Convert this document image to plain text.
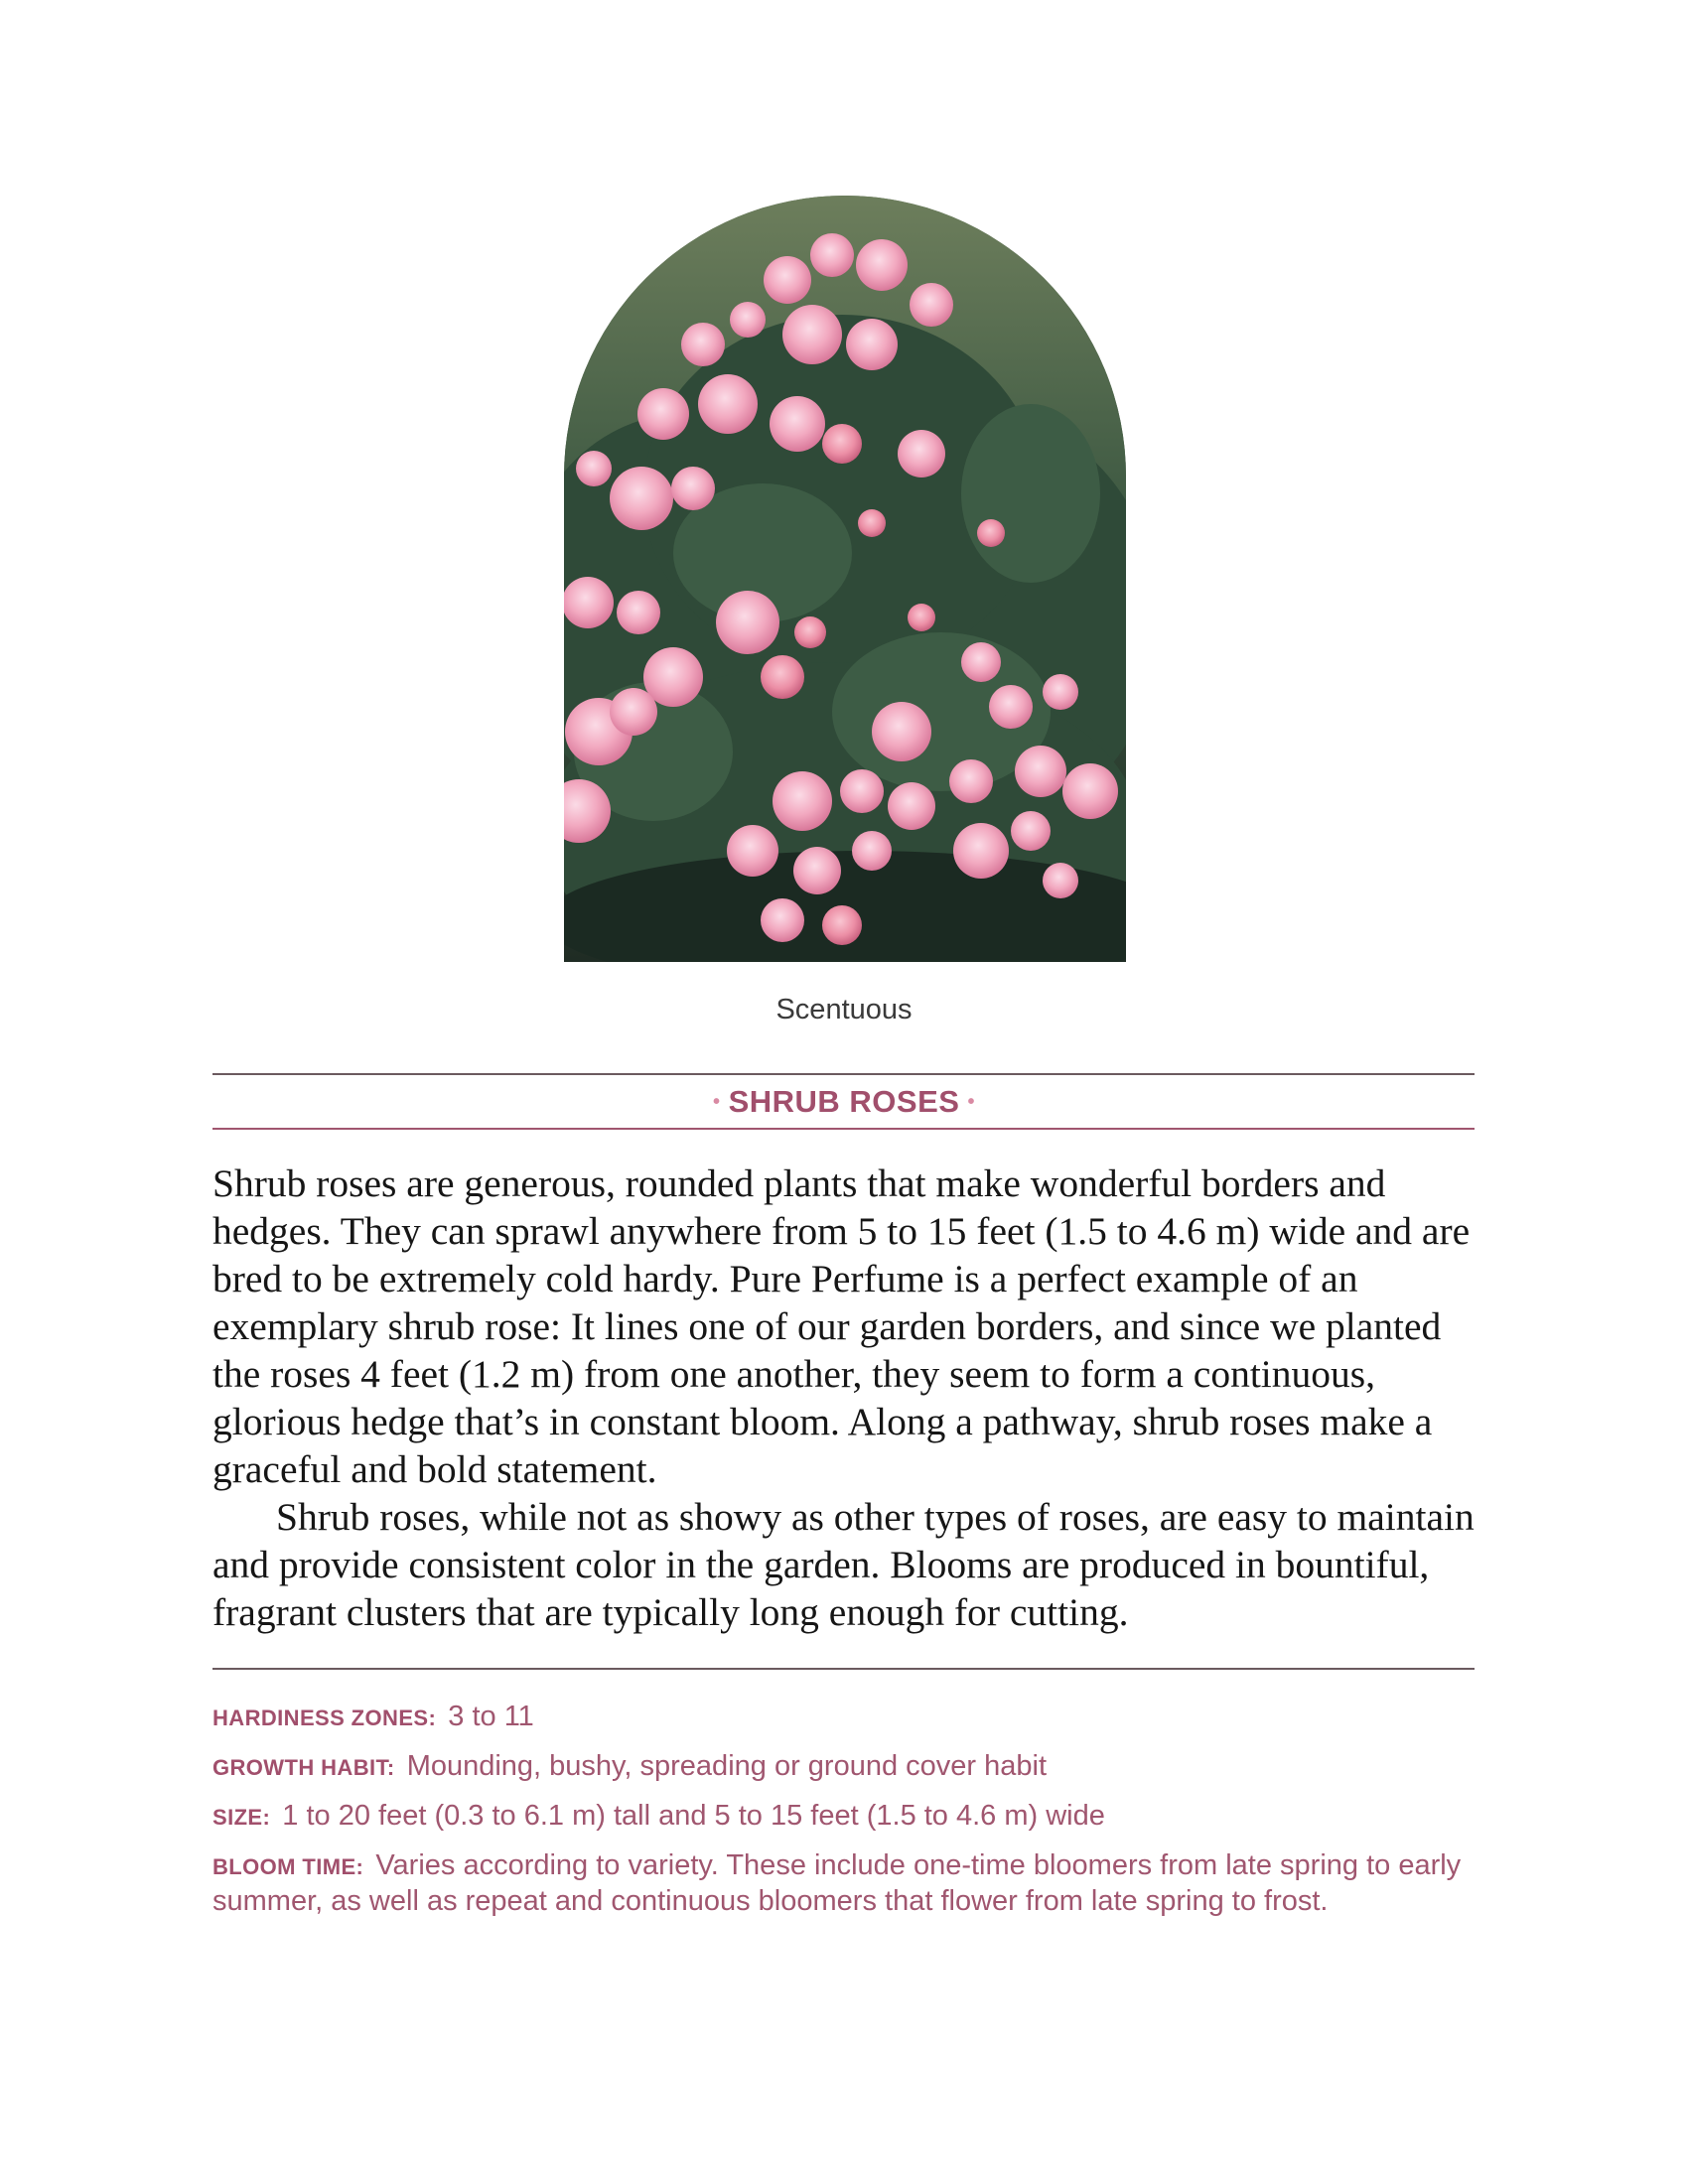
Scentuous
• SHRUB ROSES •

Shrub roses are generous, rounded plants that make wonderful borders and hedges. They can sprawl anywhere from 5 to 15 feet (1.5 to 4.6 m) wide and are bred to be extremely cold hardy. Pure Perfume is a perfect example of an exemplary shrub rose: It lines one of our garden borders, and since we planted the roses 4 feet (1.2 m) from one another, they seem to form a continuous, glorious hedge that’s in constant bloom. Along a pathway, shrub roses make a graceful and bold statement.

Shrub roses, while not as showy as other types of roses, are easy to maintain and provide consistent color in the garden. Blooms are produced in bountiful, fragrant clusters that are typically long enough for cutting.

HARDINESS ZONES: 3 to 11

GROWTH HABIT: Mounding, bushy, spreading or ground cover habit

SIZE: 1 to 20 feet (0.3 to 6.1 m) tall and 5 to 15 feet (1.5 to 4.6 m) wide

BLOOM TIME: Varies according to variety. These include one-time bloomers from late spring to early summer, as well as repeat and continuous bloomers that flower from late spring to frost.
